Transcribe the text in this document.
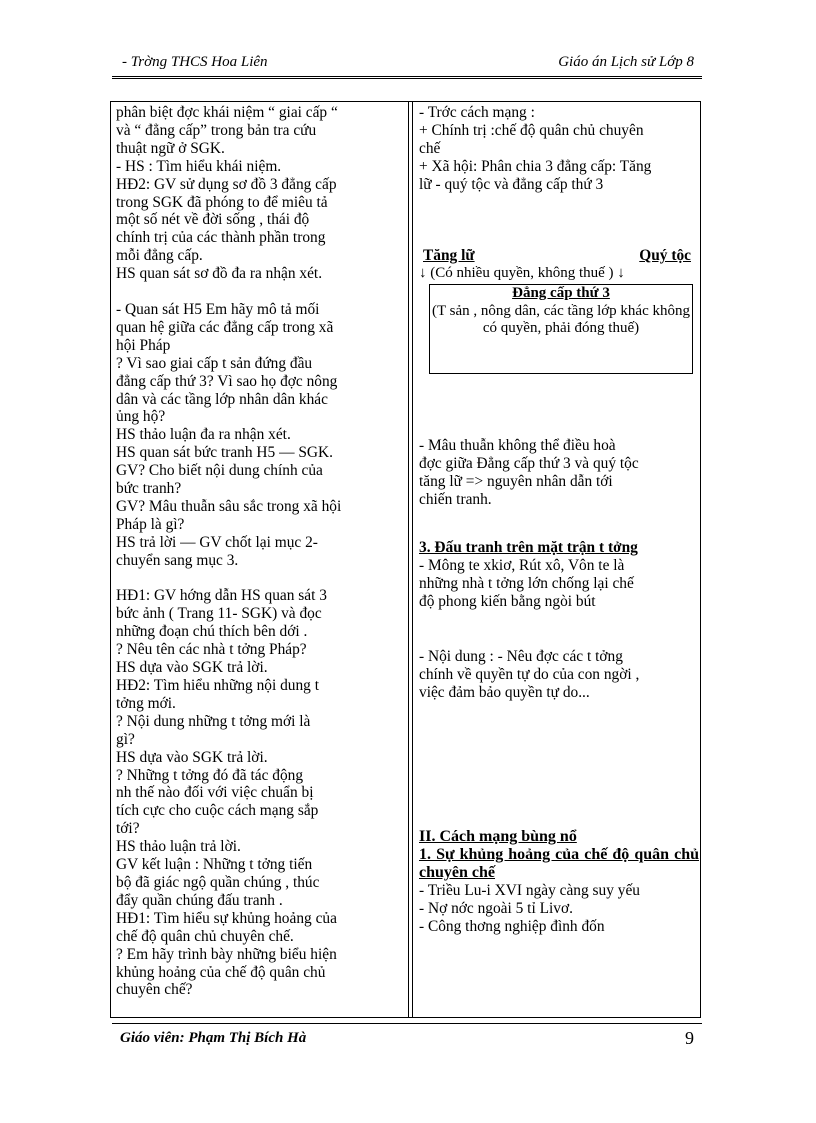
- Trờng THCS Hoa Liên	Giáo án Lịch sử Lớp 8

phân biệt đợc khái niệm “ giai cấp “

và “ đẳng cấp” trong bản tra cứu

thuật ngữ ở SGK.

- HS : Tìm hiểu khái niệm.

HĐ2: GV sử dụng sơ đồ 3 đẳng cấp

trong SGK đã phóng to để miêu tả

một số nét về đời sống , thái độ

chính trị của các thành phần trong

mỗi đẳng cấp.

HS quan sát sơ đồ đa ra nhận xét.

- Quan sát H5 Em hãy mô tả mối

quan hệ giữa các đẳng cấp trong xã

hội Pháp

? Vì sao giai cấp t sản đứng đầu

đẳng cấp thứ 3? Vì sao họ đợc nông

dân và các tầng lớp nhân dân khác

ủng hộ?

HS thảo luận đa ra nhận xét.

HS quan sát bức tranh H5 — SGK.

GV? Cho biết nội dung chính của

bức tranh?

GV? Mâu thuẫn sâu sắc trong xã hội

Pháp là gì?

HS trả lời — GV chốt lại mục 2-

chuyển sang mục 3.

HĐ1: GV hớng dẫn HS quan sát 3

bức ảnh ( Trang 11- SGK) và đọc

những đoạn chú thích bên dới .

? Nêu tên các nhà t tởng Pháp?

HS dựa vào SGK trả lời.

HĐ2: Tìm hiểu những nội dung t

tởng mới.

? Nội dung những t tởng mới là

gì?

HS dựa vào SGK trả lời.

? Những t tởng đó đã tác động

nh thế nào đối với việc chuẩn bị

tích cực cho cuộc cách mạng sắp

tới?

HS thảo luận trả lời.

GV kết luận : Những t tởng tiến

bộ đã giác ngộ quần chúng , thúc

đẩy quần chúng đấu tranh .

HĐ1: Tìm hiểu sự khủng hoảng của

chế độ quân chủ chuyên chế.

? Em hãy trình bày những biểu hiện

khủng hoảng của chế độ quân chủ

chuyên chế?

- Trớc cách mạng :

+ Chính trị :chế độ quân chủ chuyên

chế

+ Xã hội: Phân chia 3 đẳng cấp: Tăng

lữ - quý tộc và đẳng cấp thứ 3

Tăng lữ	Quý tộc
↓ (Có nhiều quyền, không thuế ) ↓
Đẳng cấp thứ 3
(T sản , nông dân, các tầng lớp khác không có quyền, phải đóng thuế)

- Mâu thuẫn không thể điều hoà

đợc giữa Đẳng cấp thứ 3 và quý tộc

tăng lữ => nguyên nhân dẫn tới

chiến tranh.

3. Đấu tranh trên mặt trận t tởng

- Mông te xkiơ, Rút xô, Vôn te là

những nhà t tởng lớn chống lại chế

độ phong kiến bằng ngòi bút

- Nội dung : - Nêu đợc các t tởng

chính về quyền tự do của con ngời ,

việc đảm bảo quyền tự do...

II. Cách mạng bùng nổ

1. Sự khủng hoảng của chế độ quân chủ chuyên chế

- Triều Lu-i XVI ngày càng suy yếu

- Nợ nớc ngoài 5 tỉ Livơ.

- Công thơng nghiệp đình đốn

Giáo viên: Phạm Thị Bích Hà	9
